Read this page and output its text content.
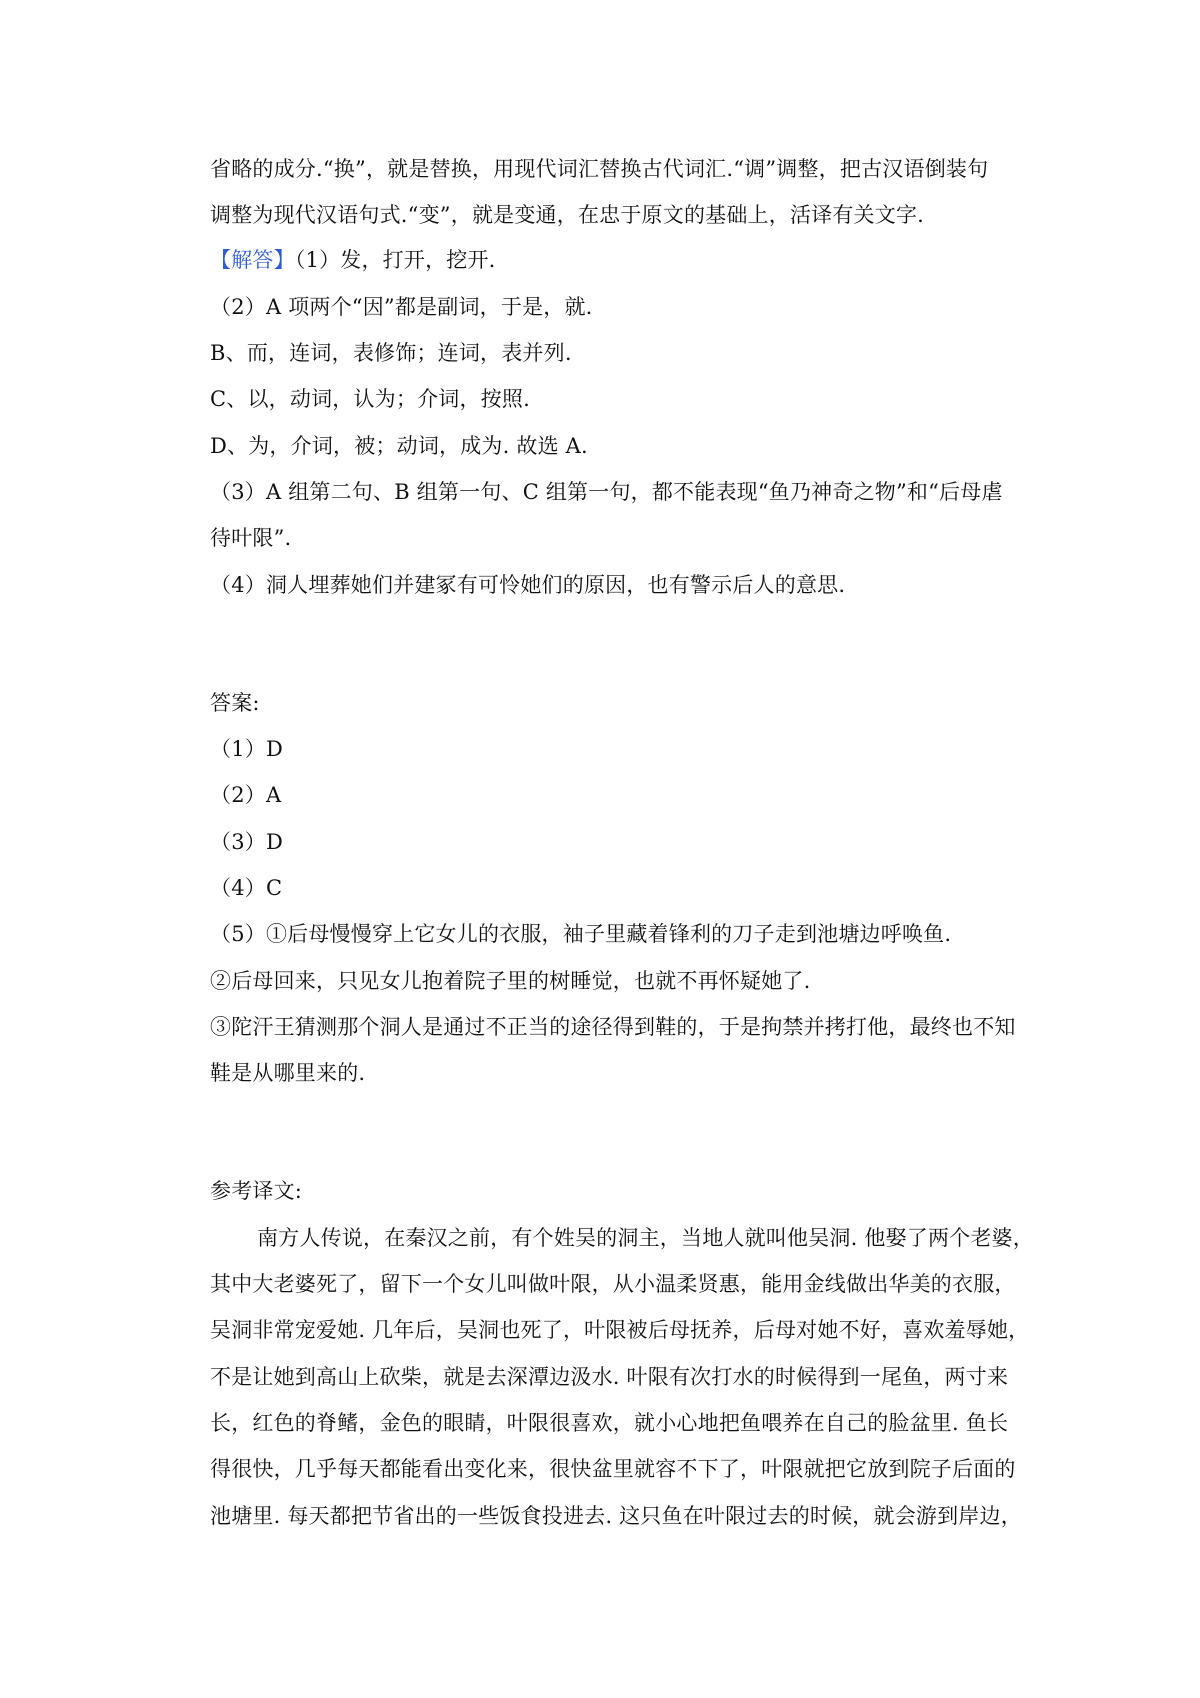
省略的成分.“换”，就是替换，用现代词汇替换古代词汇.“调”调整，把古汉语倒装句
调整为现代汉语句式.“变”，就是变通，在忠于原文的基础上，活译有关文字.
【解答】（1）发，打开，挖开.
（2）A 项两个“因”都是副词，于是，就.
B、而，连词，表修饰；连词，表并列.
C、以，动词，认为；介词，按照.
D、为，介词，被；动词，成为. 故选 A.
（3）A 组第二句、B 组第一句、C 组第一句，都不能表现“鱼乃神奇之物”和“后母虐
待叶限”.
（4）洞人埋葬她们并建冢有可怜她们的原因，也有警示后人的意思.
答案:
（1）D
（2）A
（3）D
（4）C
（5）①后母慢慢穿上它女儿的衣服，袖子里藏着锋利的刀子走到池塘边呼唤鱼.
②后母回来，只见女儿抱着院子里的树睡觉，也就不再怀疑她了.
③陀汗王猜测那个洞人是通过不正当的途径得到鞋的，于是拘禁并拷打他，最终也不知
鞋是从哪里来的.
参考译文:
南方人传说，在秦汉之前，有个姓吴的洞主，当地人就叫他吴洞. 他娶了两个老婆，
其中大老婆死了，留下一个女儿叫做叶限，从小温柔贤惠，能用金线做出华美的衣服，
吴洞非常宠爱她. 几年后，吴洞也死了，叶限被后母抚养，后母对她不好，喜欢羞辱她，
不是让她到高山上砍柴，就是去深潭边汲水. 叶限有次打水的时候得到一尾鱼，两寸来
长，红色的脊鳍，金色的眼睛，叶限很喜欢，就小心地把鱼喂养在自己的脸盆里. 鱼长
得很快，几乎每天都能看出变化来，很快盆里就容不下了，叶限就把它放到院子后面的
池塘里. 每天都把节省出的一些饭食投进去. 这只鱼在叶限过去的时候，就会游到岸边，
